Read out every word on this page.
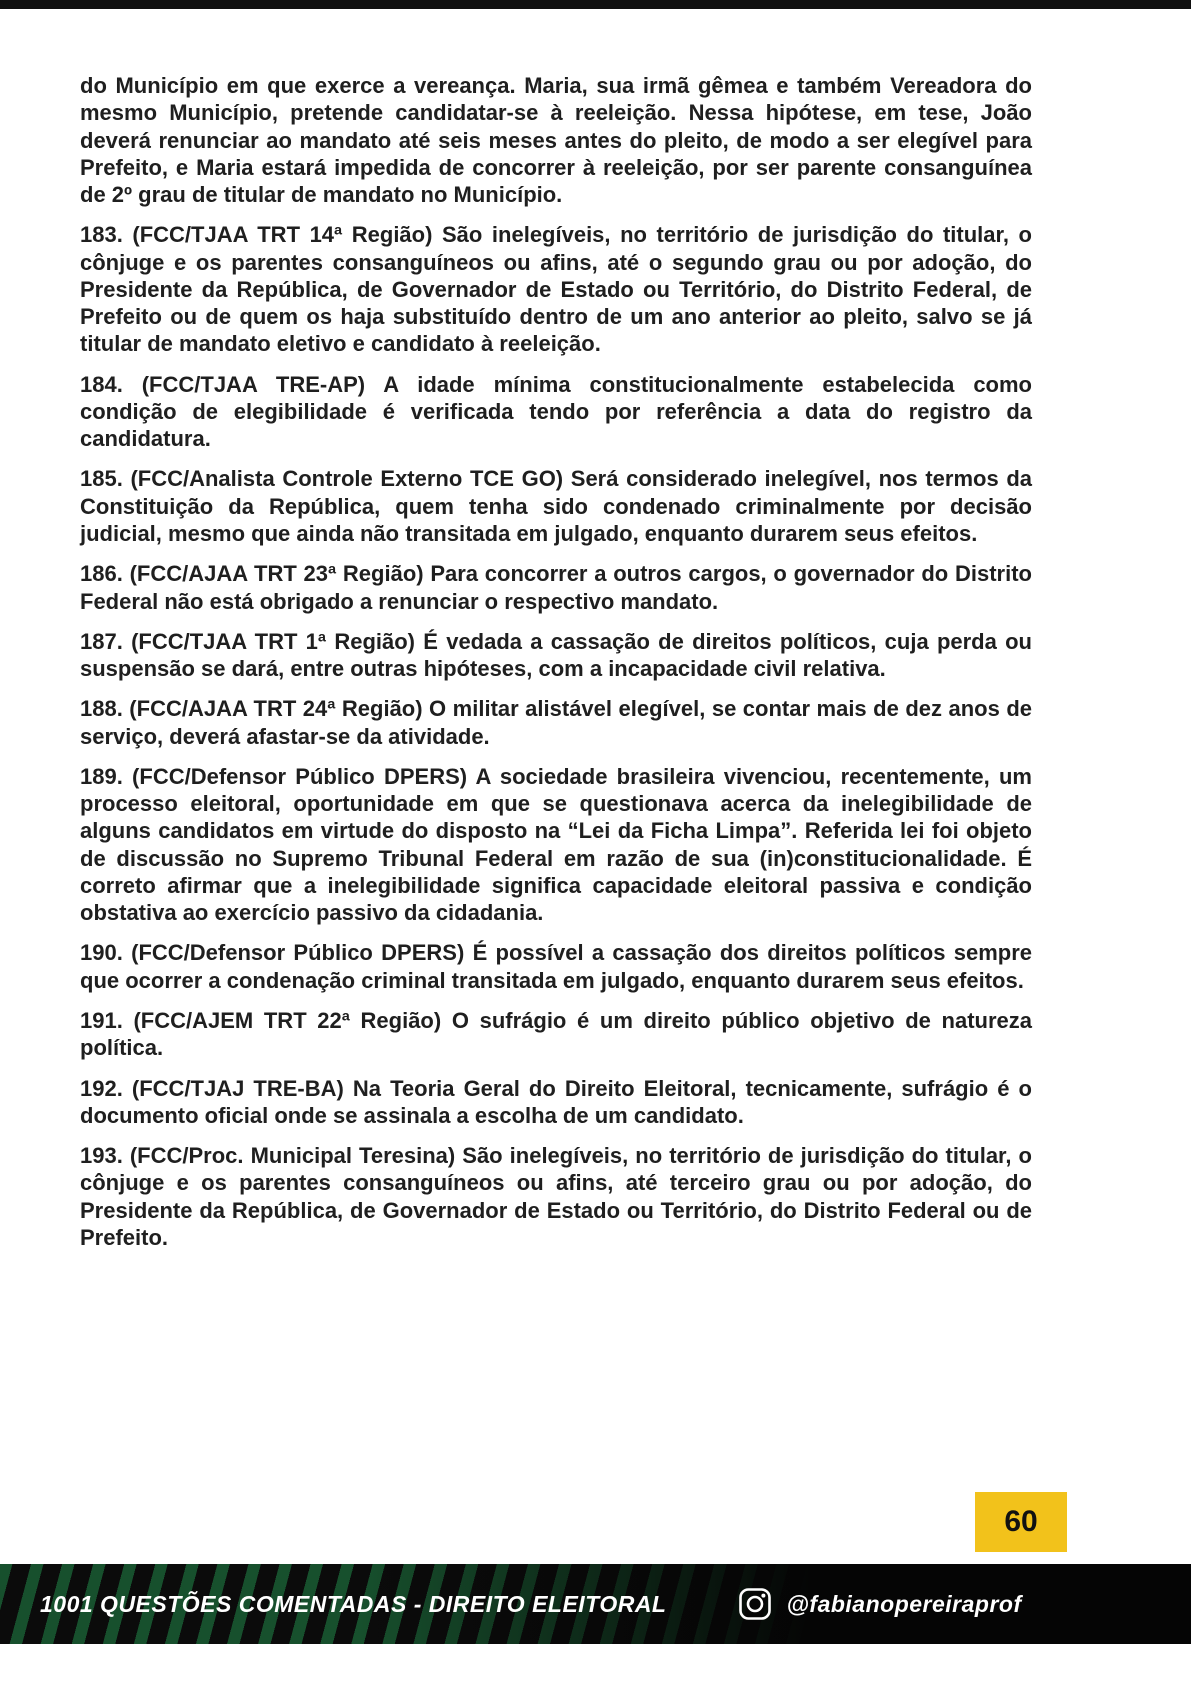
do Município em que exerce a vereança. Maria, sua irmã gêmea e também Vereadora do mesmo Município, pretende candidatar-se à reeleição. Nessa hipótese, em tese, João deverá renunciar ao mandato até seis meses antes do pleito, de modo a ser elegível para Prefeito, e Maria estará impedida de concorrer à reeleição, por ser parente consanguínea de 2º grau de titular de mandato no Município.

183. (FCC/TJAA TRT 14ª Região) São inelegíveis, no território de jurisdição do titular, o cônjuge e os parentes consanguíneos ou afins, até o segundo grau ou por adoção, do Presidente da República, de Governador de Estado ou Território, do Distrito Federal, de Prefeito ou de quem os haja substituído dentro de um ano anterior ao pleito, salvo se já titular de mandato eletivo e candidato à reeleição.

184. (FCC/TJAA TRE-AP) A idade mínima constitucionalmente estabelecida como condição de elegibilidade é verificada tendo por referência a data do registro da candidatura.

185. (FCC/Analista Controle Externo TCE GO) Será considerado inelegível, nos termos da Constituição da República, quem tenha sido condenado criminalmente por decisão judicial, mesmo que ainda não transitada em julgado, enquanto durarem seus efeitos.

186. (FCC/AJAA TRT 23ª Região) Para concorrer a outros cargos, o governador do Distrito Federal não está obrigado a renunciar o respectivo mandato.

187. (FCC/TJAA TRT 1ª Região) É vedada a cassação de direitos políticos, cuja perda ou suspensão se dará, entre outras hipóteses, com a incapacidade civil relativa.

188. (FCC/AJAA TRT 24ª Região) O militar alistável elegível, se contar mais de dez anos de serviço, deverá afastar-se da atividade.

189. (FCC/Defensor Público DPERS) A sociedade brasileira vivenciou, recentemente, um processo eleitoral, oportunidade em que se questionava acerca da inelegibilidade de alguns candidatos em virtude do disposto na “Lei da Ficha Limpa”. Referida lei foi objeto de discussão no Supremo Tribunal Federal em razão de sua (in)constitucionalidade. É correto afirmar que a inelegibilidade significa capacidade eleitoral passiva e condição obstativa ao exercício passivo da cidadania.

190. (FCC/Defensor Público DPERS) É possível a cassação dos direitos políticos sempre que ocorrer a condenação criminal transitada em julgado, enquanto durarem seus efeitos.

191. (FCC/AJEM TRT 22ª Região) O sufrágio é um direito público objetivo de natureza política.

192. (FCC/TJAJ TRE-BA) Na Teoria Geral do Direito Eleitoral, tecnicamente, sufrágio é o documento oficial onde se assinala a escolha de um candidato.

193. (FCC/Proc. Municipal Teresina) São inelegíveis, no território de jurisdição do titular, o cônjuge e os parentes consanguíneos ou afins, até terceiro grau ou por adoção, do Presidente da República, de Governador de Estado ou Território, do Distrito Federal ou de Prefeito.

60
1001 QUESTÕES COMENTADAS - DIREITO ELEITORAL	@fabianopereiraprof
